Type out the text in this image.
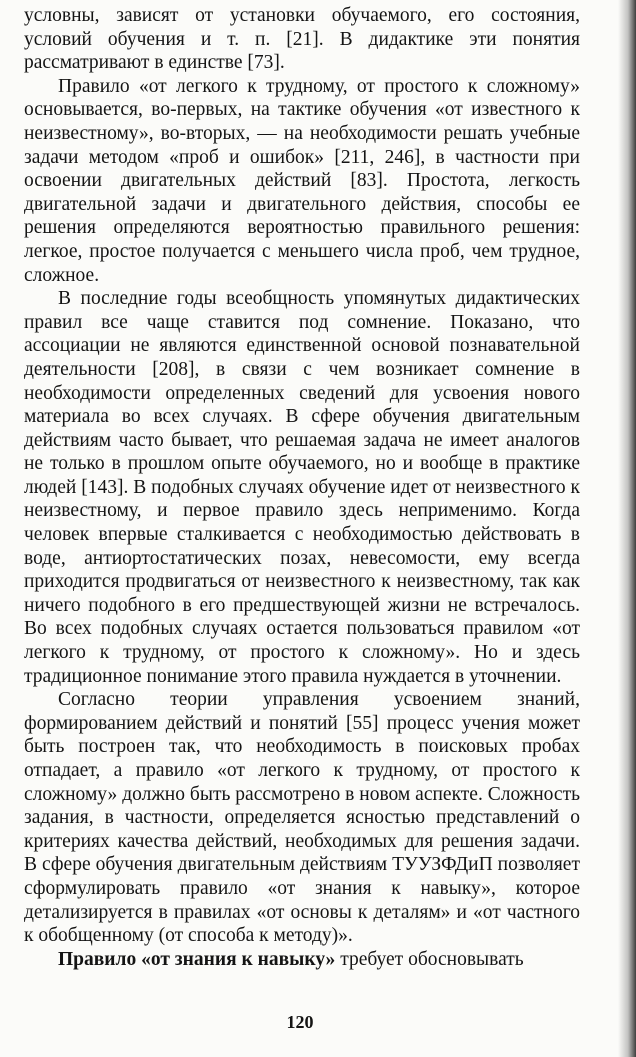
условны, зависят от установки обучаемого, его состояния, условий обучения и т. п. [21]. В дидактике эти понятия рассматривают в единстве [73].

Правило «от легкого к трудному, от простого к сложному» основывается, во-первых, на тактике обучения «от известного к неизвестному», во-вторых, — на необходимости решать учебные задачи методом «проб и ошибок» [211, 246], в частности при освоении двигательных действий [83]. Простота, легкость двигательной задачи и двигательного действия, способы ее решения определяются вероятностью правильного решения: легкое, простое получается с меньшего числа проб, чем трудное, сложное.

В последние годы всеобщность упомянутых дидактических правил все чаще ставится под сомнение. Показано, что ассоциации не являются единственной основой познавательной деятельности [208], в связи с чем возникает сомнение в необходимости определенных сведений для усвоения нового материала во всех случаях. В сфере обучения двигательным действиям часто бывает, что решаемая задача не имеет аналогов не только в прошлом опыте обучаемого, но и вообще в практике людей [143]. В подобных случаях обучение идет от неизвестного к неизвестному, и первое правило здесь неприменимо. Когда человек впервые сталкивается с необходимостью действовать в воде, антиортостатических позах, невесомости, ему всегда приходится продвигаться от неизвестного к неизвестному, так как ничего подобного в его предшествующей жизни не встречалось. Во всех подобных случаях остается пользоваться правилом «от легкого к трудному, от простого к сложному». Но и здесь традиционное понимание этого правила нуждается в уточнении.

Согласно теории управления усвоением знаний, формированием действий и понятий [55] процесс учения может быть построен так, что необходимость в поисковых пробах отпадает, а правило «от легкого к трудному, от простого к сложному» должно быть рассмотрено в новом аспекте. Сложность задания, в частности, определяется ясностью представлений о критериях качества действий, необходимых для решения задачи. В сфере обучения двигательным действиям ТУУЗФДиП позволяет сформулировать правило «от знания к навыку», которое детализируется в правилах «от основы к деталям» и «от частного к обобщенному (от способа к методу)».

Правило «от знания к навыку» требует обосновывать

120
